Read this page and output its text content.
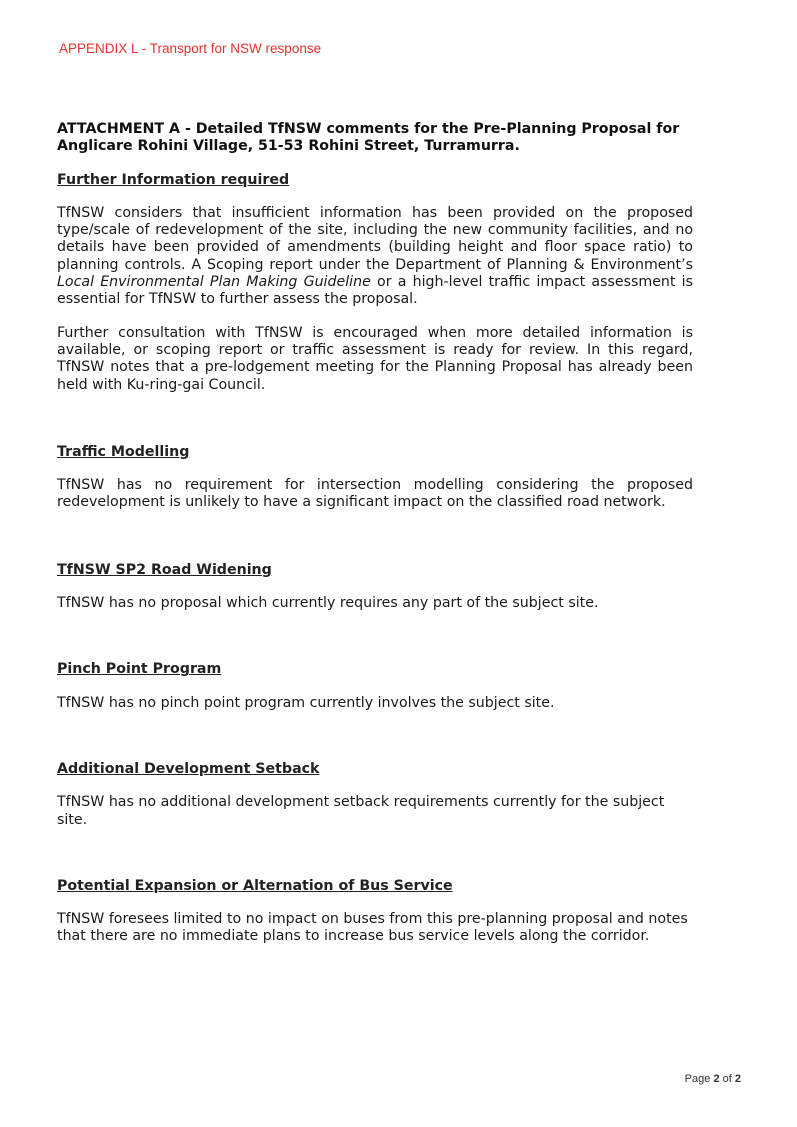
APPENDIX L - Transport for NSW response

ATTACHMENT A - Detailed TfNSW comments for the Pre-Planning Proposal for Anglicare Rohini Village, 51-53 Rohini Street, Turramurra.

Further Information required

TfNSW considers that insufficient information has been provided on the proposed type/scale of redevelopment of the site, including the new community facilities, and no details have been provided of amendments (building height and floor space ratio) to planning controls. A Scoping report under the Department of Planning & Environment’s Local Environmental Plan Making Guideline or a high-level traffic impact assessment is essential for TfNSW to further assess the proposal.

Further consultation with TfNSW is encouraged when more detailed information is available, or scoping report or traffic assessment is ready for review. In this regard, TfNSW notes that a pre-lodgement meeting for the Planning Proposal has already been held with Ku-ring-gai Council.

Traffic Modelling

TfNSW has no requirement for intersection modelling considering the proposed redevelopment is unlikely to have a significant impact on the classified road network.

TfNSW SP2 Road Widening

TfNSW has no proposal which currently requires any part of the subject site.

Pinch Point Program

TfNSW has no pinch point program currently involves the subject site.

Additional Development Setback

TfNSW has no additional development setback requirements currently for the subject site.

Potential Expansion or Alternation of Bus Service

TfNSW foresees limited to no impact on buses from this pre-planning proposal and notes that there are no immediate plans to increase bus service levels along the corridor.

Page 2 of 2
